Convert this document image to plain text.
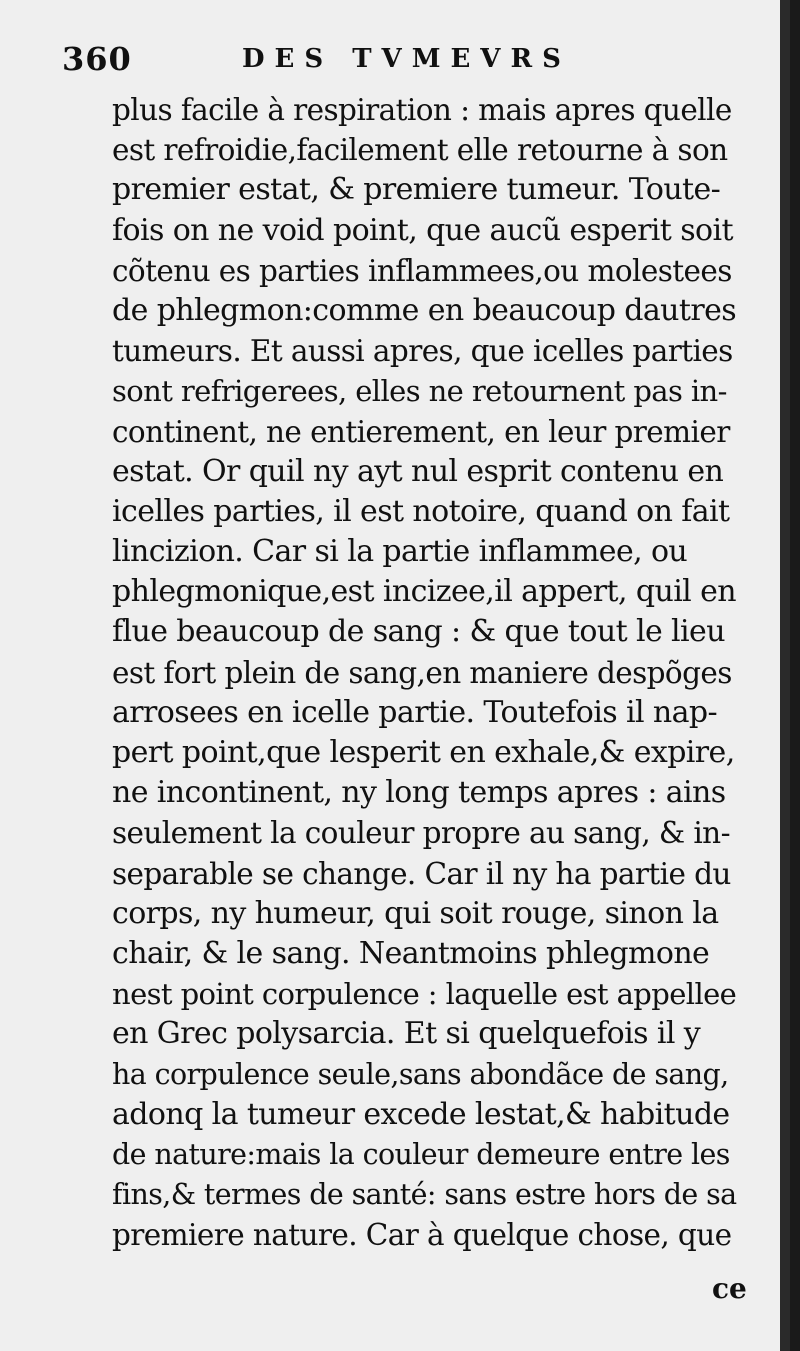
360	DES TVMEVRS
plus facile à respiration : mais apres quelle
est refroidie,facilement elle retourne à son
premier estat, & premiere tumeur. Toute-
fois on ne void point, que aucũ esperit soit
cõtenu es parties inflammees,ou molestees
de phlegmon:comme en beaucoup dautres
tumeurs. Et aussi apres, que icelles parties
sont refrigerees, elles ne retournent pas in-
continent, ne entierement, en leur premier
estat. Or quil ny ayt nul esprit contenu en
icelles parties, il est notoire, quand on fait
lincizion. Car si la partie inflammee, ou
phlegmonique,est incizee,il appert, quil en
flue beaucoup de sang : & que tout le lieu
est fort plein de sang,en maniere despõges
arrosees en icelle partie. Toutefois il nap-
pert point,que lesperit en exhale,& expire,
ne incontinent, ny long temps apres : ains
seulement la couleur propre au sang, & in-
separable se change. Car il ny ha partie du
corps, ny humeur, qui soit rouge, sinon la
chair, & le sang. Neantmoins phlegmone
nest point corpulence : laquelle est appellee
en Grec polysarcia. Et si quelquefois il y
ha corpulence seule,sans abondãce de sang,
adonq la tumeur excede lestat,& habitude
de nature:mais la couleur demeure entre les
fins,& termes de santé: sans estre hors de sa
premiere nature. Car à quelque chose, que
ce
